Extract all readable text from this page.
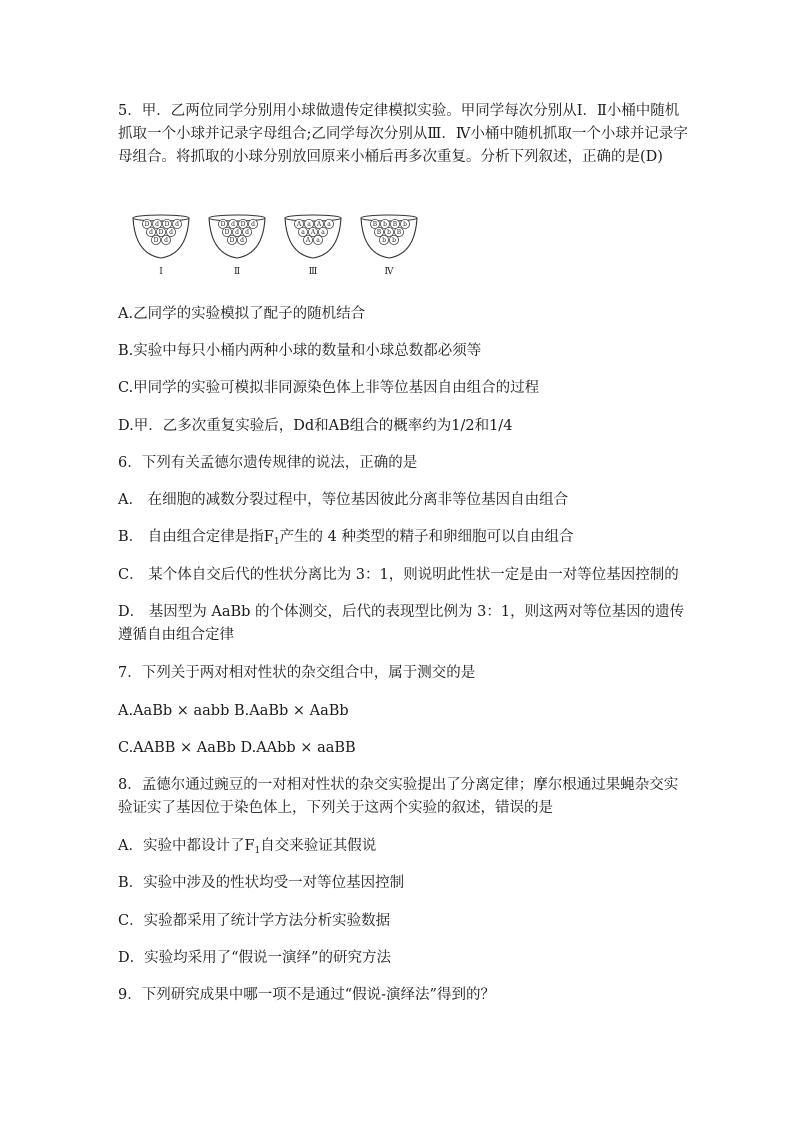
5．甲．乙两位同学分别用小球做遗传定律模拟实验。甲同学每次分别从Ⅰ．Ⅱ小桶中随机抓取一个小球并记录字母组合;乙同学每次分别从Ⅲ．Ⅳ小桶中随机抓取一个小球并记录字母组合。将抓取的小球分别放回原来小桶后再多次重复。分析下列叙述，正确的是(D)
D d D d
d D d
D d
Ⅰ
D d D d
D d d
D d
Ⅱ
A a A a
a A a
A a
Ⅲ
B b B b
B b B
b b
Ⅳ
A.乙同学的实验模拟了配子的随机结合
B.实验中每只小桶内两种小球的数量和小球总数都必须等
C.甲同学的实验可模拟非同源染色体上非等位基因自由组合的过程
D.甲．乙多次重复实验后，Dd和AB组合的概率约为1/2和1/4
6．下列有关孟德尔遗传规律的说法，正确的是
A． 在细胞的减数分裂过程中，等位基因彼此分离非等位基因自由组合
B． 自由组合定律是指$F_1$产生的 4 种类型的精子和卵细胞可以自由组合
C． 某个体自交后代的性状分离比为 3：1，则说明此性状一定是由一对等位基因控制的
D． 基因型为 AaBb 的个体测交，后代的表现型比例为 3：1，则这两对等位基因的遗传遵循自由组合定律
7．下列关于两对相对性状的杂交组合中，属于测交的是
A.AaBb × aabb B.AaBb × AaBb
C.AABB × AaBb D.AAbb × aaBB
8．孟德尔通过豌豆的一对相对性状的杂交实验提出了分离定律；摩尔根通过果蝇杂交实验证实了基因位于染色体上，下列关于这两个实验的叙述，错误的是
A．实验中都设计了$F_1$自交来验证其假说
B．实验中涉及的性状均受一对等位基因控制
C．实验都采用了统计学方法分析实验数据
D．实验均采用了“假说一演绎”的研究方法
9．下列研究成果中哪一项不是通过“假说-演绎法”得到的？
